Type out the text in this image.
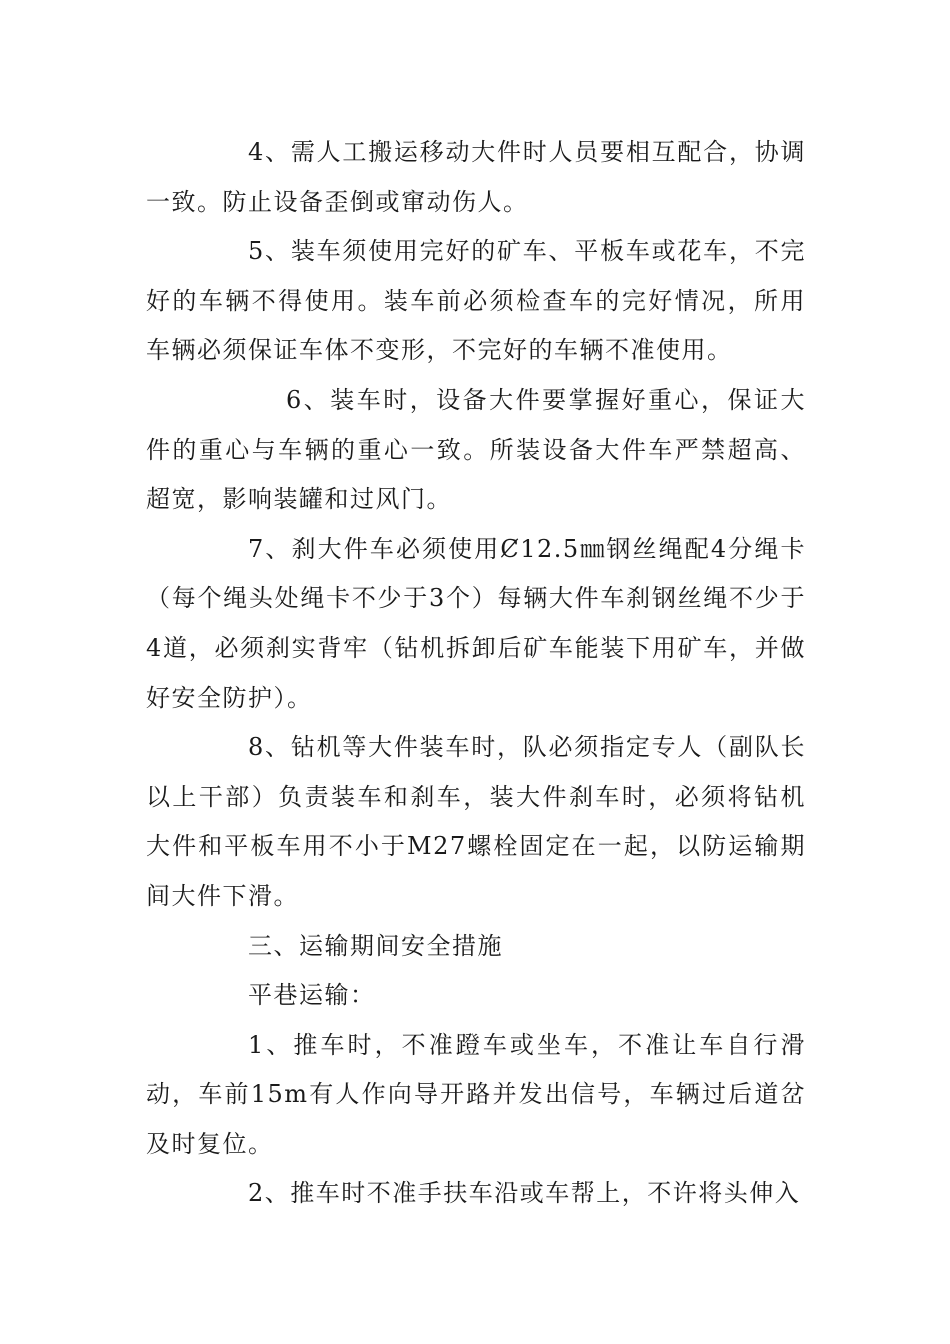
4、需人工搬运移动大件时人员要相互配合，协调一致。防止设备歪倒或窜动伤人。

5、装车须使用完好的矿车、平板车或花车，不完好的车辆不得使用。装车前必须检查车的完好情况，所用车辆必须保证车体不变形，不完好的车辆不准使用。

6、装车时，设备大件要掌握好重心，保证大件的重心与车辆的重心一致。所装设备大件车严禁超高、超宽，影响装罐和过风门。

7、刹大件车必须使用Ȼ12.5㎜钢丝绳配4分绳卡（每个绳头处绳卡不少于3个）每辆大件车刹钢丝绳不少于4道，必须刹实背牢（钻机拆卸后矿车能装下用矿车，并做好安全防护）。

8、钻机等大件装车时，队必须指定专人（副队长以上干部）负责装车和刹车，装大件刹车时，必须将钻机大件和平板车用不小于M27螺栓固定在一起，以防运输期间大件下滑。

三、运输期间安全措施

平巷运输：

1、推车时，不准蹬车或坐车，不准让车自行滑动，车前15m有人作向导开路并发出信号，车辆过后道岔及时复位。

2、推车时不准手扶车沿或车帮上，不许将头伸入
